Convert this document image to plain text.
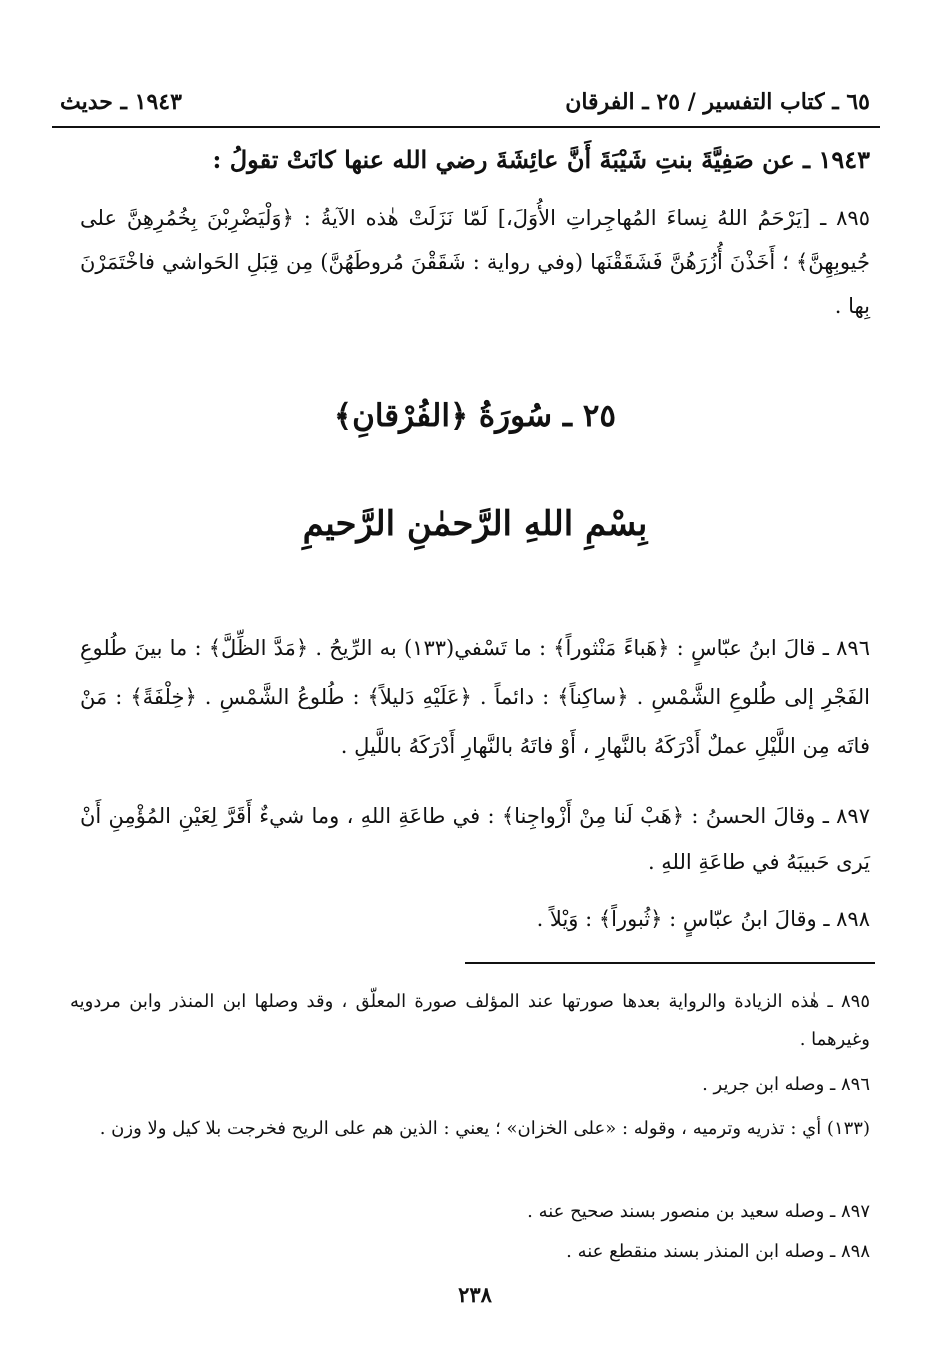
٦٥ ـ كتاب التفسير / ٢٥ ـ الفرقان
١٩٤٣ ـ حديث
١٩٤٣ ـ عن صَفِيَّةَ بنتِ شَيْبَةَ أَنَّ عائِشَةَ رضي الله عنها كانَتْ تقولُ :
٨٩٥ ـ [يَرْحَمُ اللهُ نِساءَ المُهاجِراتِ الأُوَلَ،] لَمّا نَزَلَتْ هٰذه الآيةُ : ﴿وَلْيَضْرِبْنَ بِخُمُرِهِنَّ على جُيوبِهِنَّ﴾ ؛ أَخَذْنَ أُزُرَهُنَّ فَشَقَقْنَها (وفي رواية : شَقَقْنَ مُروطَهُنَّ) مِن قِبَلِ الحَواشي فاخْتَمَرْنَ بِها .
٢٥ ـ سُورَةُ ﴿الفُرْقانِ﴾
بِسْمِ اللهِ الرَّحمٰنِ الرَّحيمِ
٨٩٦ ـ قالَ ابنُ عبّاسٍ : ﴿هَباءً مَنْثوراً﴾ : ما تَسْفي(١٣٣) به الرِّيحُ . ﴿مَدَّ الظِّلَّ﴾ : ما بينَ طُلوعِ الفَجْرِ إلى طُلوعِ الشَّمْسِ . ﴿ساكِناً﴾ : دائماً . ﴿عَلَيْهِ دَليلاً﴾ : طُلوعُ الشَّمْسِ . ﴿خِلْفَةً﴾ : مَنْ فاتَه مِن اللَّيْلِ عملٌ أَدْرَكَهُ بالنَّهارِ ، أَوْ فاتَهُ بالنَّهارِ أَدْرَكَهُ باللَّيلِ .
٨٩٧ ـ وقالَ الحسنُ : ﴿هَبْ لَنا مِنْ أَزْواجِنا﴾ : في طاعَةِ اللهِ ، وما شيءٌ أَقَرَّ لِعَيْنِ المُؤْمِنِ أَنْ يَرى حَبيبَهُ في طاعَةِ اللهِ .
٨٩٨ ـ وقالَ ابنُ عبّاسٍ : ﴿ثُبوراً﴾ : وَيْلاً .
٨٩٥ ـ هٰذه الزيادة والرواية بعدها صورتها عند المؤلف صورة المعلّق ، وقد وصلها ابن المنذر وابن مردويه وغيرهما .
٨٩٦ ـ وصله ابن جرير .
(١٣٣) أي : تذريه وترميه ، وقوله : «على الخزان» ؛ يعني : الذين هم على الريح فخرجت بلا كيل ولا وزن .
٨٩٧ ـ وصله سعيد بن منصور بسند صحيح عنه .
٨٩٨ ـ وصله ابن المنذر بسند منقطع عنه .
٢٣٨
